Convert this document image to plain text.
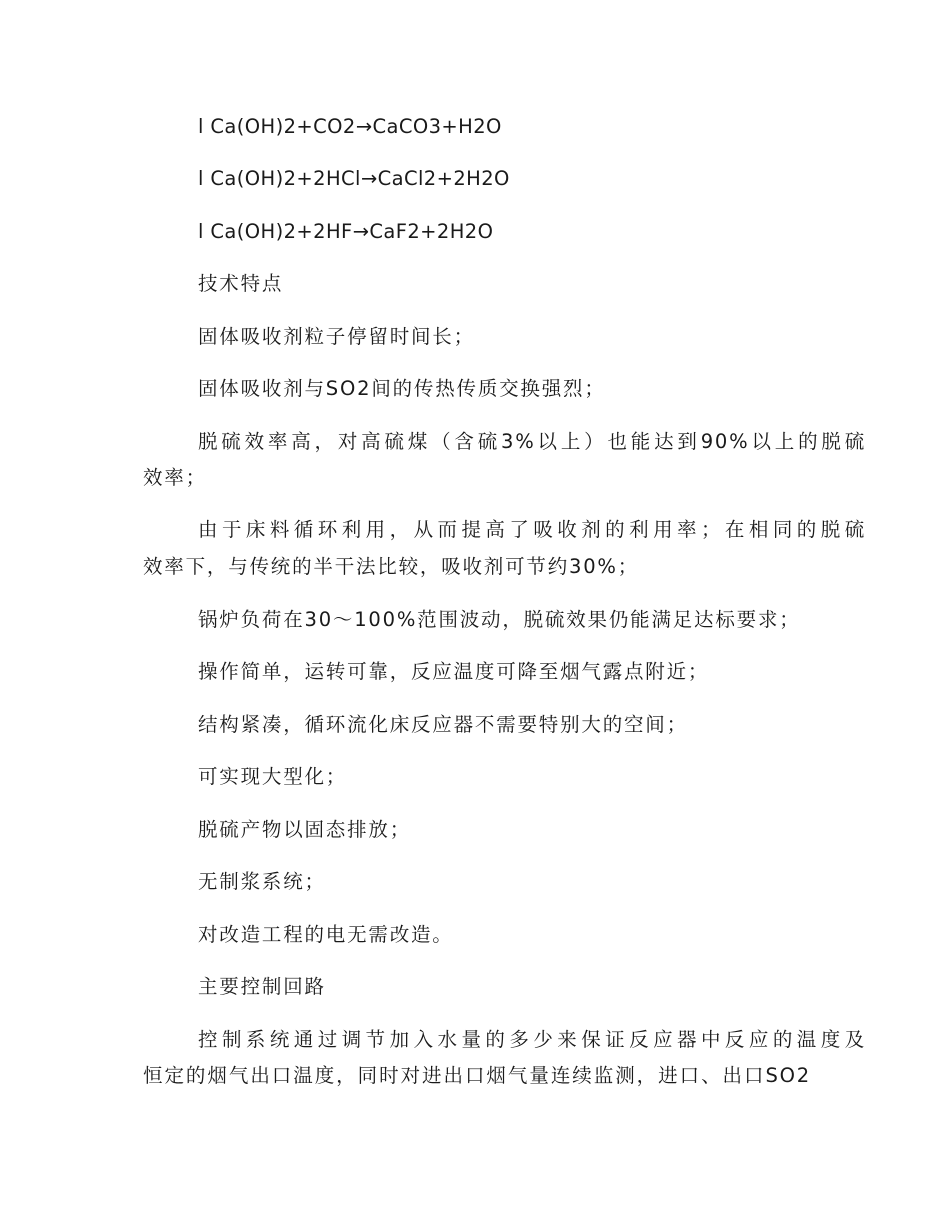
l Ca(OH)2+CO2→CaCO3+H2O
l Ca(OH)2+2HCl→CaCl2+2H2O
l Ca(OH)2+2HF→CaF2+2H2O
技术特点
固体吸收剂粒子停留时间长；
固体吸收剂与SO2间的传热传质交换强烈；
脱硫效率高，对高硫煤（含硫3%以上）也能达到90%以上的脱硫
效率；
由于床料循环利用，从而提高了吸收剂的利用率；在相同的脱硫
效率下，与传统的半干法比较，吸收剂可节约30%；
锅炉负荷在30～100%范围波动，脱硫效果仍能满足达标要求；
操作简单，运转可靠，反应温度可降至烟气露点附近；
结构紧凑，循环流化床反应器不需要特别大的空间；
可实现大型化；
脱硫产物以固态排放；
无制浆系统；
对改造工程的电无需改造。
主要控制回路
控制系统通过调节加入水量的多少来保证反应器中反应的温度及
恒定的烟气出口温度，同时对进出口烟气量连续监测，进口、出口SO2
